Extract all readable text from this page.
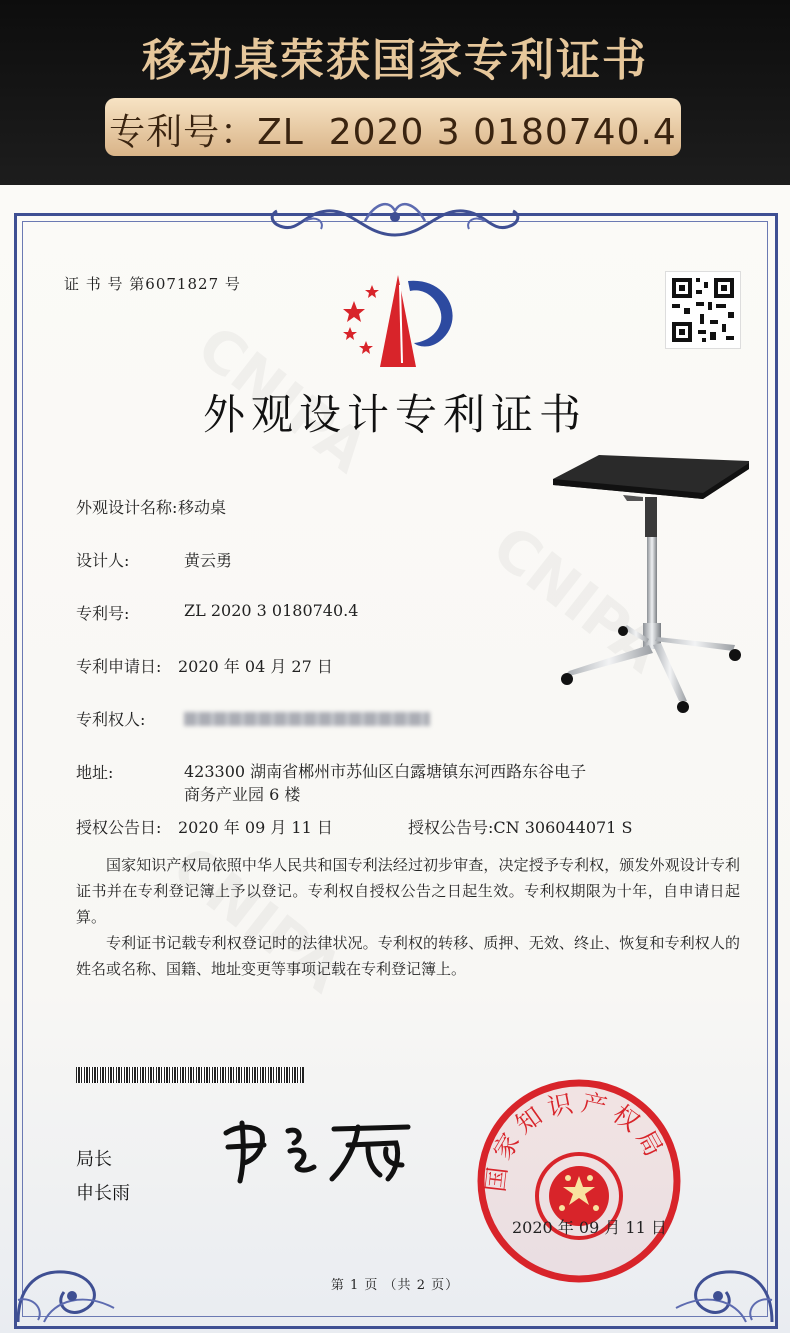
移动桌荣获国家专利证书
专利号：ZL  2020 3 0180740.4
证 书 号 第6071827 号
外观设计专利证书
外观设计名称:移动桌
设计人:	黄云勇
专利号:	ZL 2020 3 0180740.4
专利申请日: 2020 年 04 月 27 日
专利权人:
地址:	423300 湖南省郴州市苏仙区白露塘镇东河西路东谷电子
商务产业园 6 楼
授权公告日: 2020 年 09 月 11 日	授权公告号:CN 306044071 S
国家知识产权局依照中华人民共和国专利法经过初步审查，决定授予专利权，颁发外观设计专利证书并在专利登记簿上予以登记。专利权自授权公告之日起生效。专利权期限为十年，自申请日起算。
专利证书记载专利权登记时的法律状况。专利权的转移、质押、无效、终止、恢复和专利权人的姓名或名称、国籍、地址变更等事项记载在专利登记簿上。
局长
申长雨	国家知识产权局
2020 年 09 月 11 日
第 1 页 （共 2 页）
